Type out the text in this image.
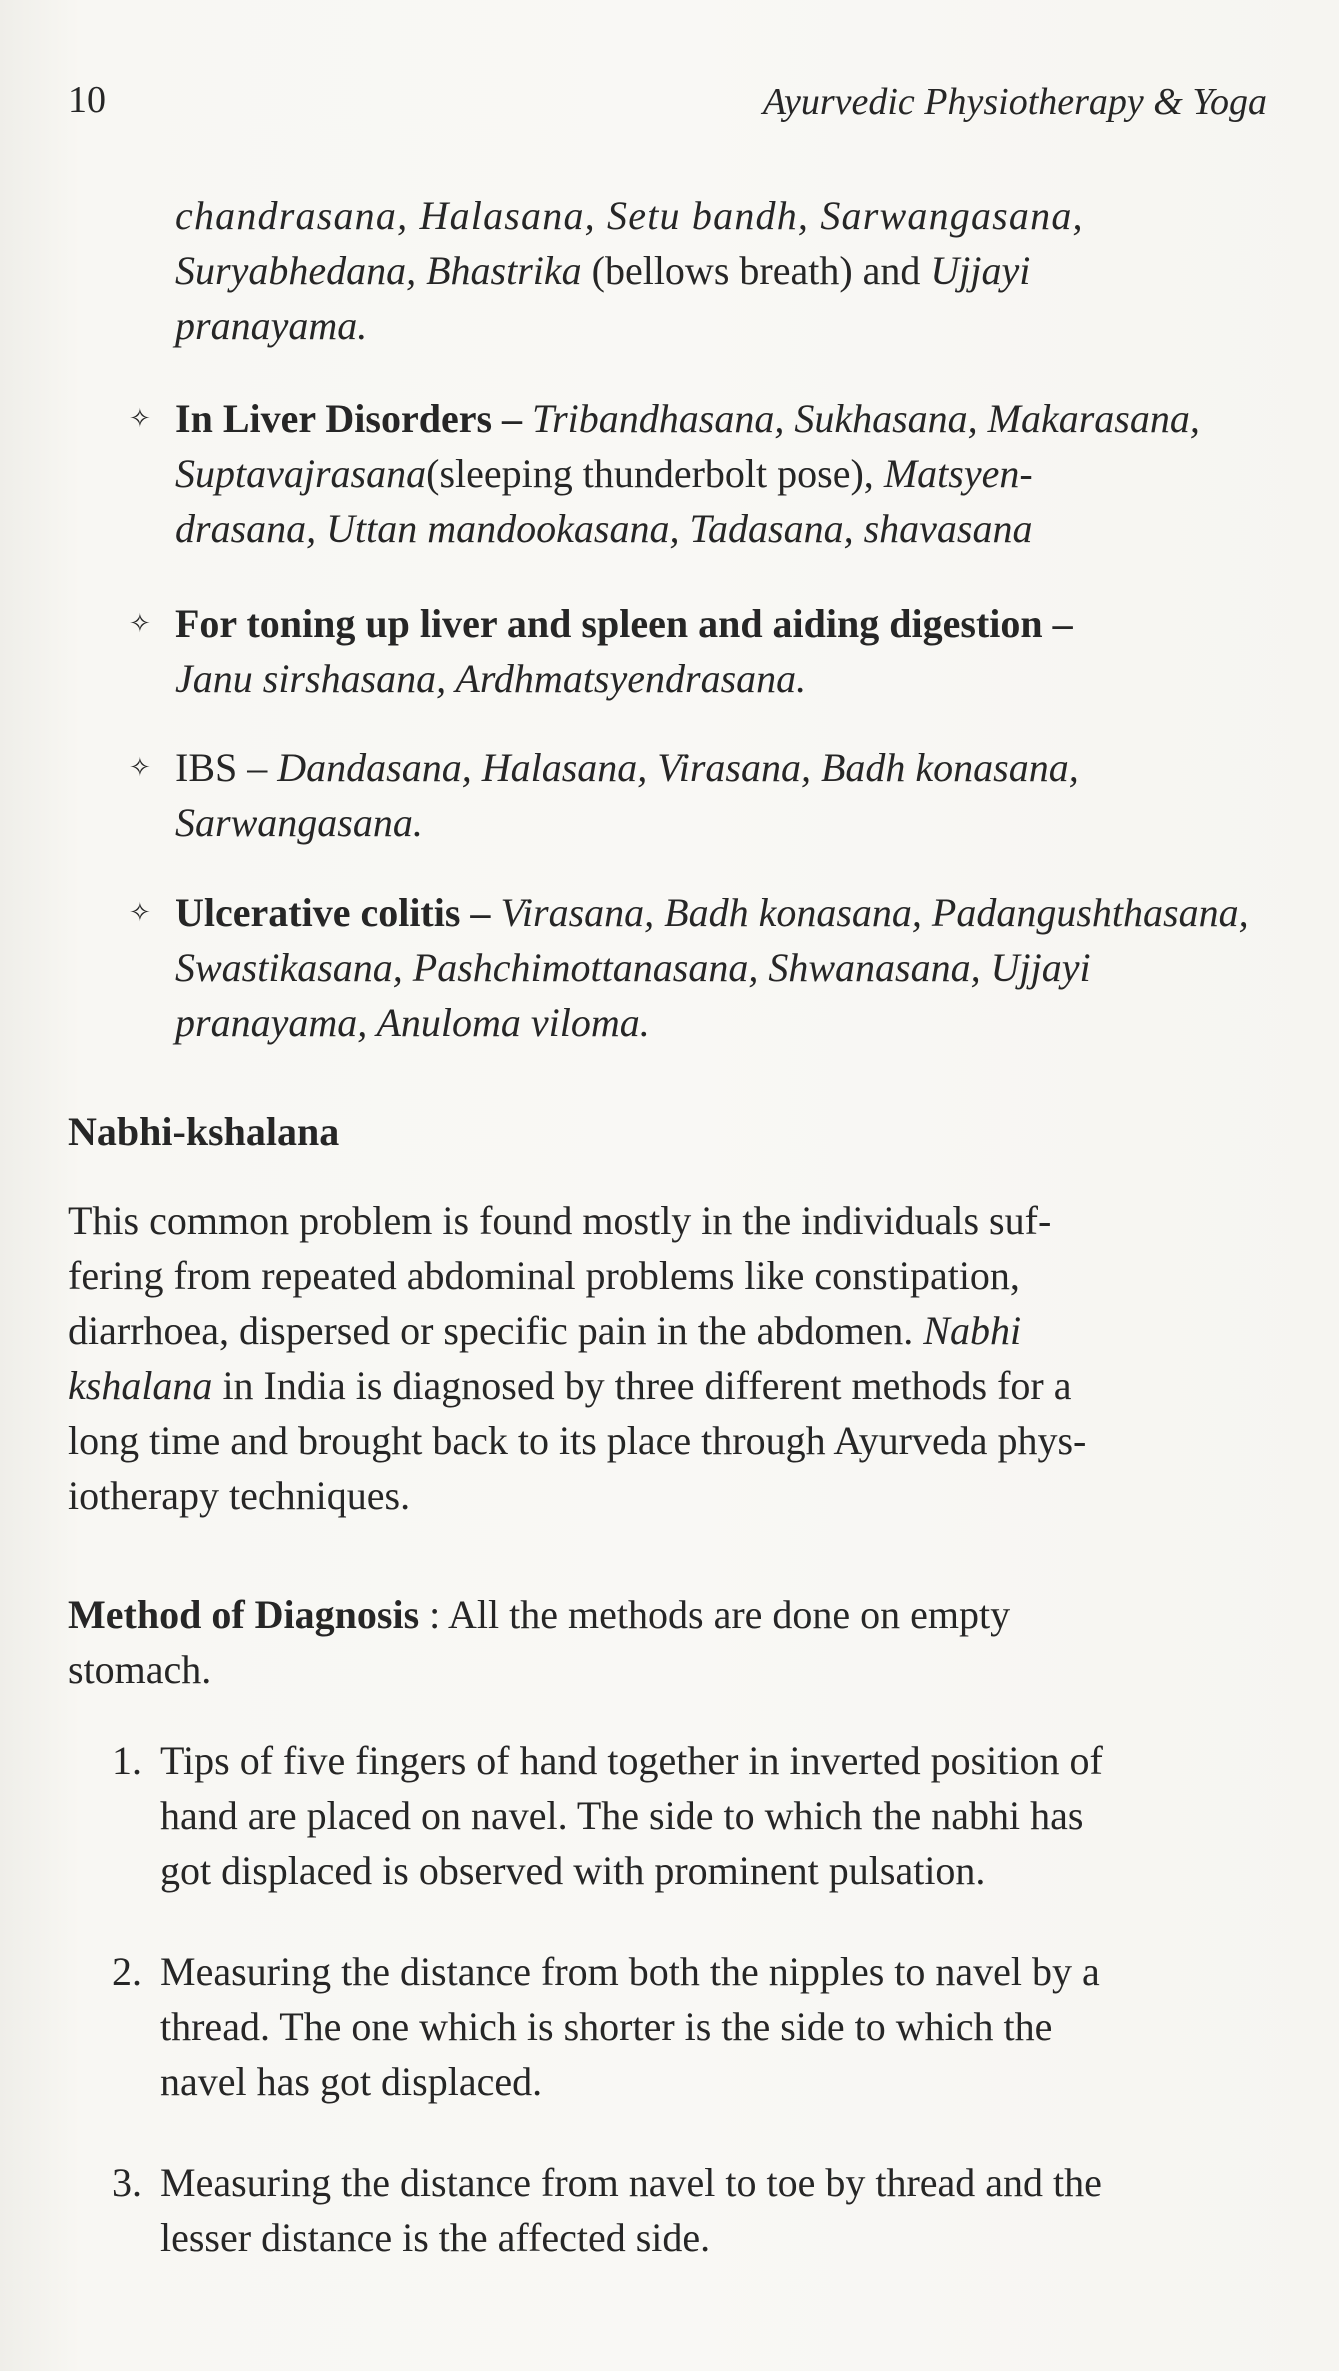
10	Ayurvedic Physiotherapy & Yoga
chandrasana, Halasana, Setu bandh, Sarwangasana,
Suryabhedana, Bhastrika (bellows breath) and Ujjayi
pranayama.
✧ In Liver Disorders – Tribandhasana, Sukhasana, Makarasana,
Suptavajrasana(sleeping thunderbolt pose), Matsyen-
drasana, Uttan mandookasana, Tadasana, shavasana
✧ For toning up liver and spleen and aiding digestion –
Janu sirshasana, Ardhmatsyendrasana.
✧ IBS – Dandasana, Halasana, Virasana, Badh konasana,
Sarwangasana.
✧ Ulcerative colitis – Virasana, Badh konasana, Padangushthasana,
Swastikasana, Pashchimottanasana, Shwanasana, Ujjayi
pranayama, Anuloma viloma.
Nabhi-kshalana
This common problem is found mostly in the individuals suf-
fering from repeated abdominal problems like constipation,
diarrhoea, dispersed or specific pain in the abdomen. Nabhi
kshalana in India is diagnosed by three different methods for a
long time and brought back to its place through Ayurveda phys-
iotherapy techniques.
Method of Diagnosis : All the methods are done on empty
stomach.
1. Tips of five fingers of hand together in inverted position of
hand are placed on navel. The side to which the nabhi has
got displaced is observed with prominent pulsation.
2. Measuring the distance from both the nipples to navel by a
thread. The one which is shorter is the side to which the
navel has got displaced.
3. Measuring the distance from navel to toe by thread and the
lesser distance is the affected side.
